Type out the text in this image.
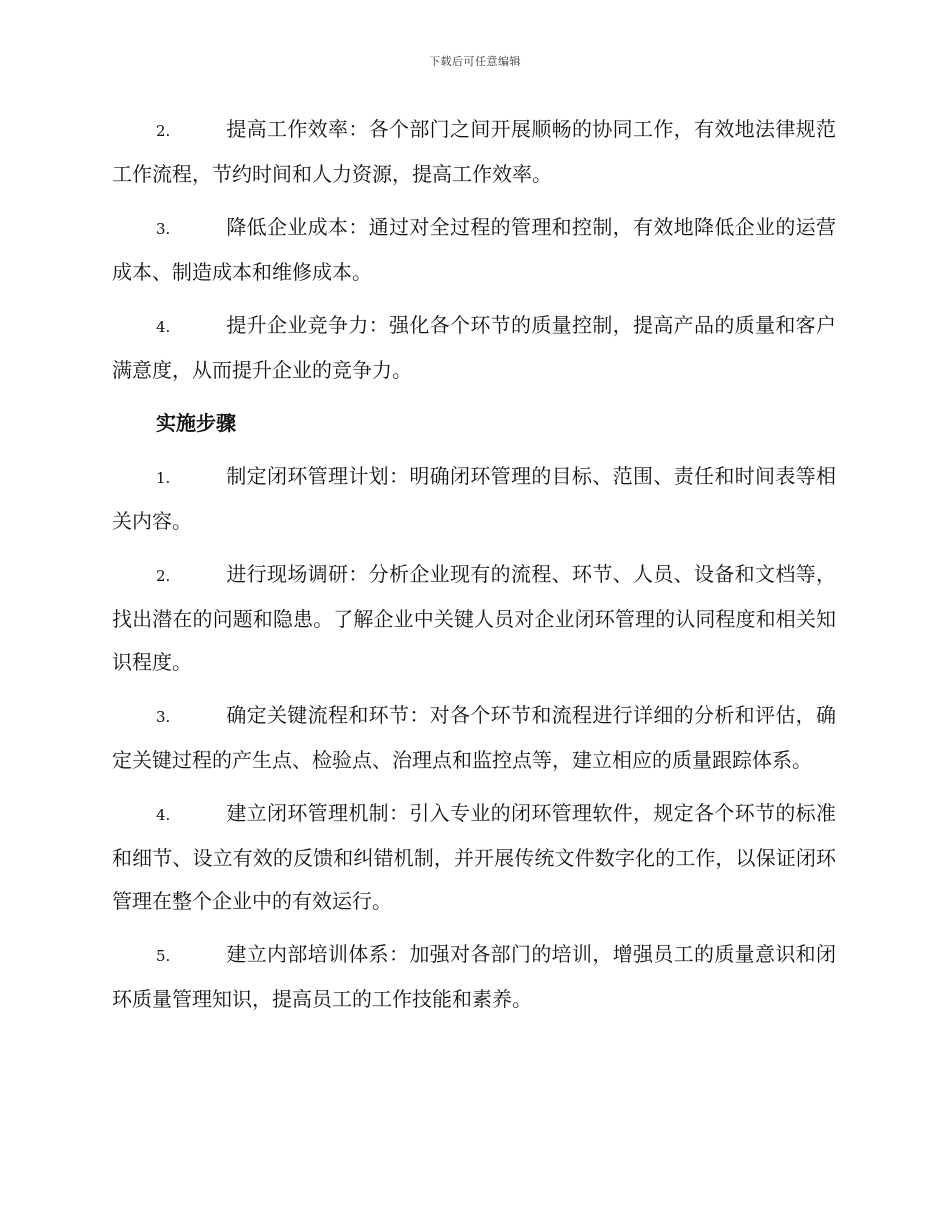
下载后可任意编辑

2.	提高工作效率：各个部门之间开展顺畅的协同工作，有效地法律规范工作流程，节约时间和人力资源，提高工作效率。

3.	降低企业成本：通过对全过程的管理和控制，有效地降低企业的运营成本、制造成本和维修成本。

4.	提升企业竞争力：强化各个环节的质量控制，提高产品的质量和客户满意度，从而提升企业的竞争力。

实施步骤

1.	制定闭环管理计划：明确闭环管理的目标、范围、责任和时间表等相关内容。

2.	进行现场调研：分析企业现有的流程、环节、人员、设备和文档等，找出潜在的问题和隐患。了解企业中关键人员对企业闭环管理的认同程度和相关知识程度。

3.	确定关键流程和环节：对各个环节和流程进行详细的分析和评估，确定关键过程的产生点、检验点、治理点和监控点等，建立相应的质量跟踪体系。

4.	建立闭环管理机制：引入专业的闭环管理软件，规定各个环节的标准和细节、设立有效的反馈和纠错机制，并开展传统文件数字化的工作，以保证闭环管理在整个企业中的有效运行。

5.	建立内部培训体系：加强对各部门的培训，增强员工的质量意识和闭环质量管理知识，提高员工的工作技能和素养。
